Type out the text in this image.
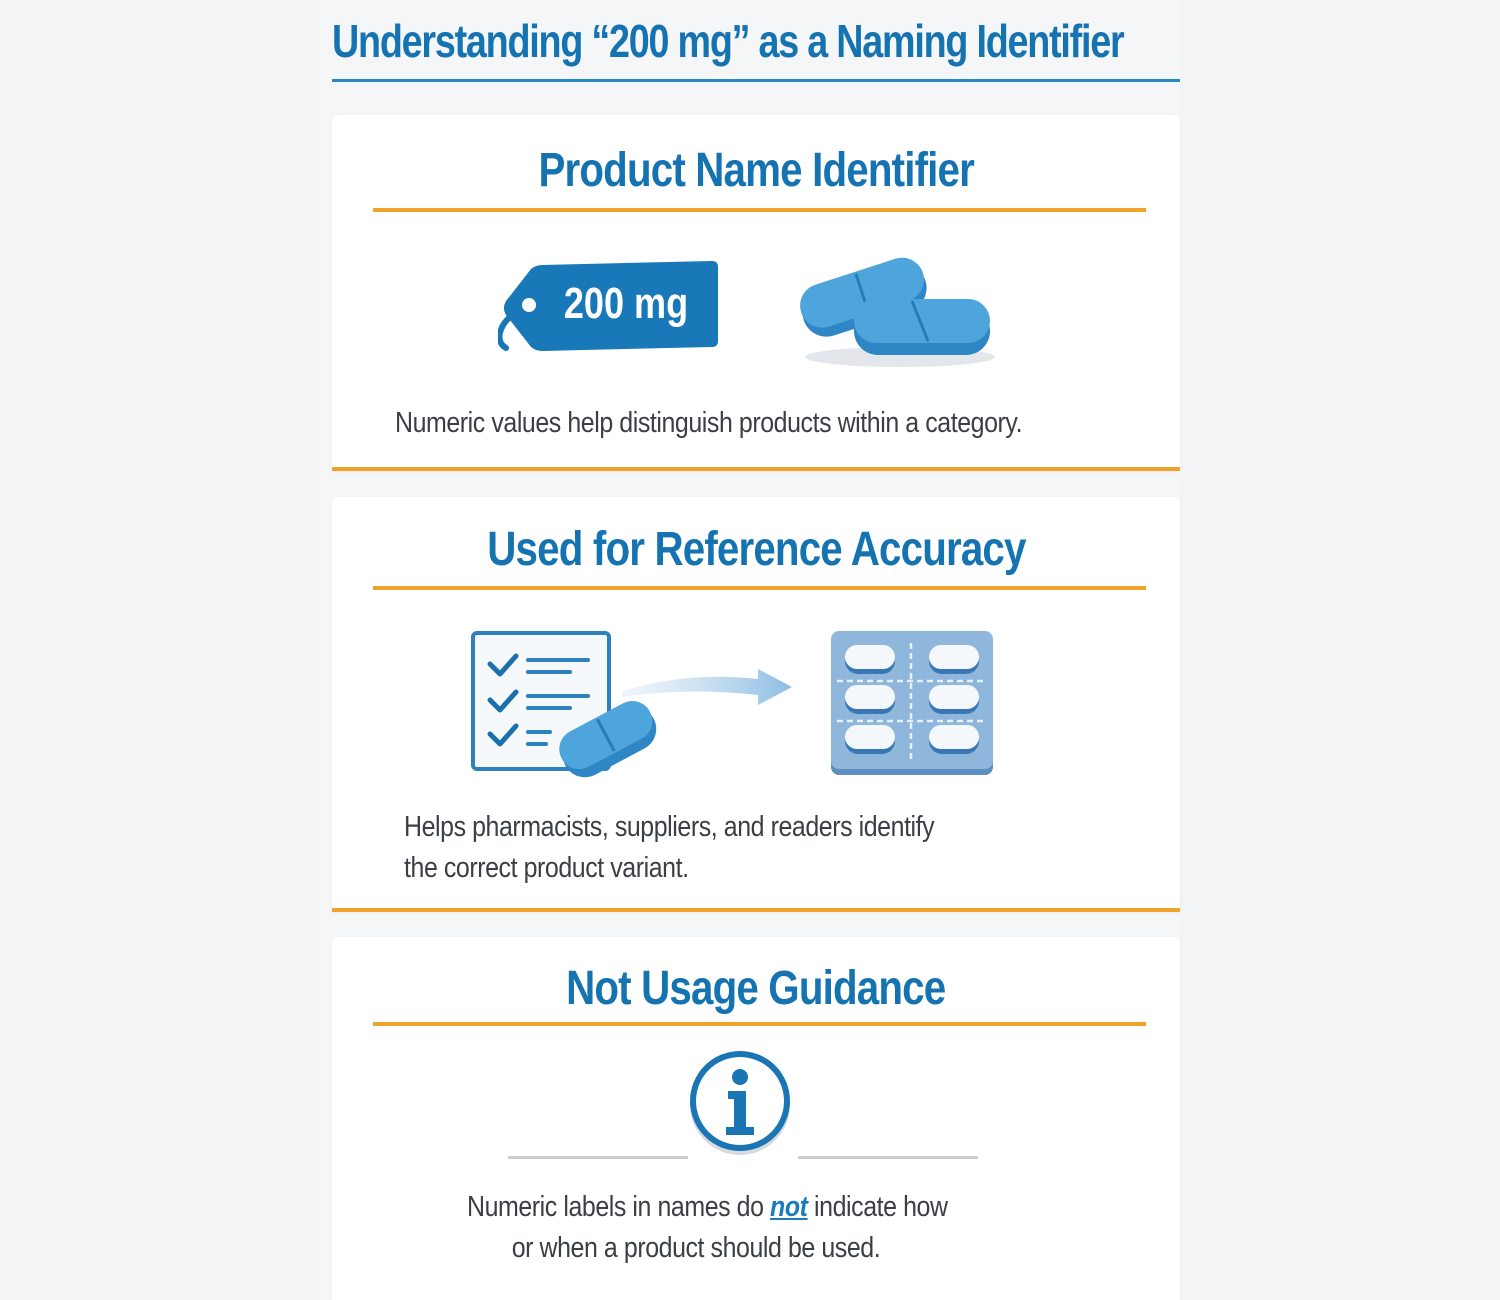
Understanding “200 mg” as a Naming Identifier
Product Name Identifier
200 mg
Numeric values help distinguish products within a category.
Used for Reference Accuracy
Helps pharmacists, suppliers, and readers identify
the correct product variant.
Not Usage Guidance
Numeric labels in names do not indicate how
or when a product should be used.
